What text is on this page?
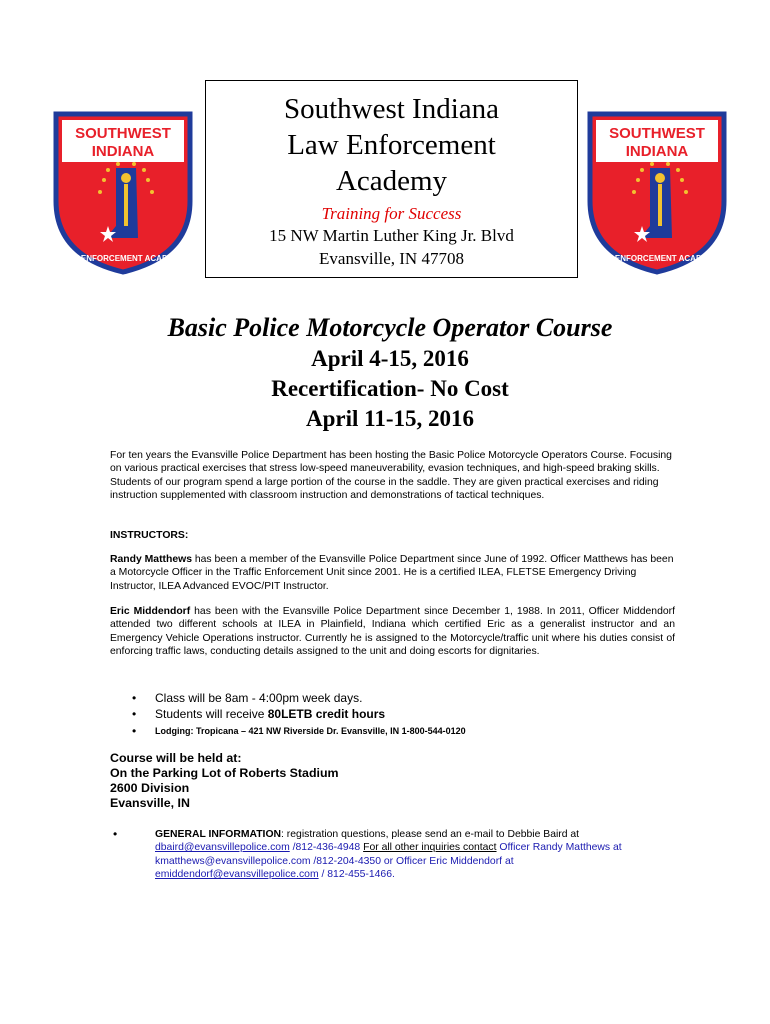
SOUTHWEST
INDIANA
LAW ENFORCEMENT ACADEMY
Southwest Indiana
Law Enforcement
Academy
Training for Success
15 NW Martin Luther King Jr. Blvd
Evansville, IN 47708
SOUTHWEST
INDIANA
LAW ENFORCEMENT ACADEMY
Basic Police Motorcycle Operator Course
April 4-15, 2016
Recertification- No Cost
April 11-15, 2016
For ten years the Evansville Police Department has been hosting the Basic Police Motorcycle Operators Course. Focusing on various practical exercises that stress low-speed maneuverability, evasion techniques, and high-speed braking skills. Students of our program spend a large portion of the course in the saddle. They are given practical exercises and riding instruction supplemented with classroom instruction and demonstrations of tactical techniques.
INSTRUCTORS:
Randy Matthews has been a member of the Evansville Police Department since June of 1992. Officer Matthews has been a Motorcycle Officer in the Traffic Enforcement Unit since 2001. He is a certified ILEA, FLETSE Emergency Driving Instructor, ILEA Advanced EVOC/PIT Instructor.
Eric Middendorf has been with the Evansville Police Department since December 1, 1988. In 2011, Officer Middendorf attended two different schools at ILEA in Plainfield, Indiana which certified Eric as a generalist instructor and an Emergency Vehicle Operations instructor. Currently he is assigned to the Motorcycle/traffic unit where his duties consist of enforcing traffic laws, conducting details assigned to the unit and doing escorts for dignitaries.
• Class will be 8am - 4:00pm week days.
• Students will receive 80LETB credit hours
• Lodging: Tropicana – 421 NW Riverside Dr. Evansville, IN 1-800-544-0120
Course will be held at:
On the Parking Lot of Roberts Stadium
2600 Division
Evansville, IN
•	GENERAL INFORMATION: registration questions, please send an e-mail to Debbie Baird at
dbaird@evansvillepolice.com /812-436-4948 For all other inquiries contact Officer Randy Matthews at
kmatthews@evansvillepolice.com /812-204-4350 or Officer Eric Middendorf at
emiddendorf@evansvillepolice.com / 812-455-1466.
